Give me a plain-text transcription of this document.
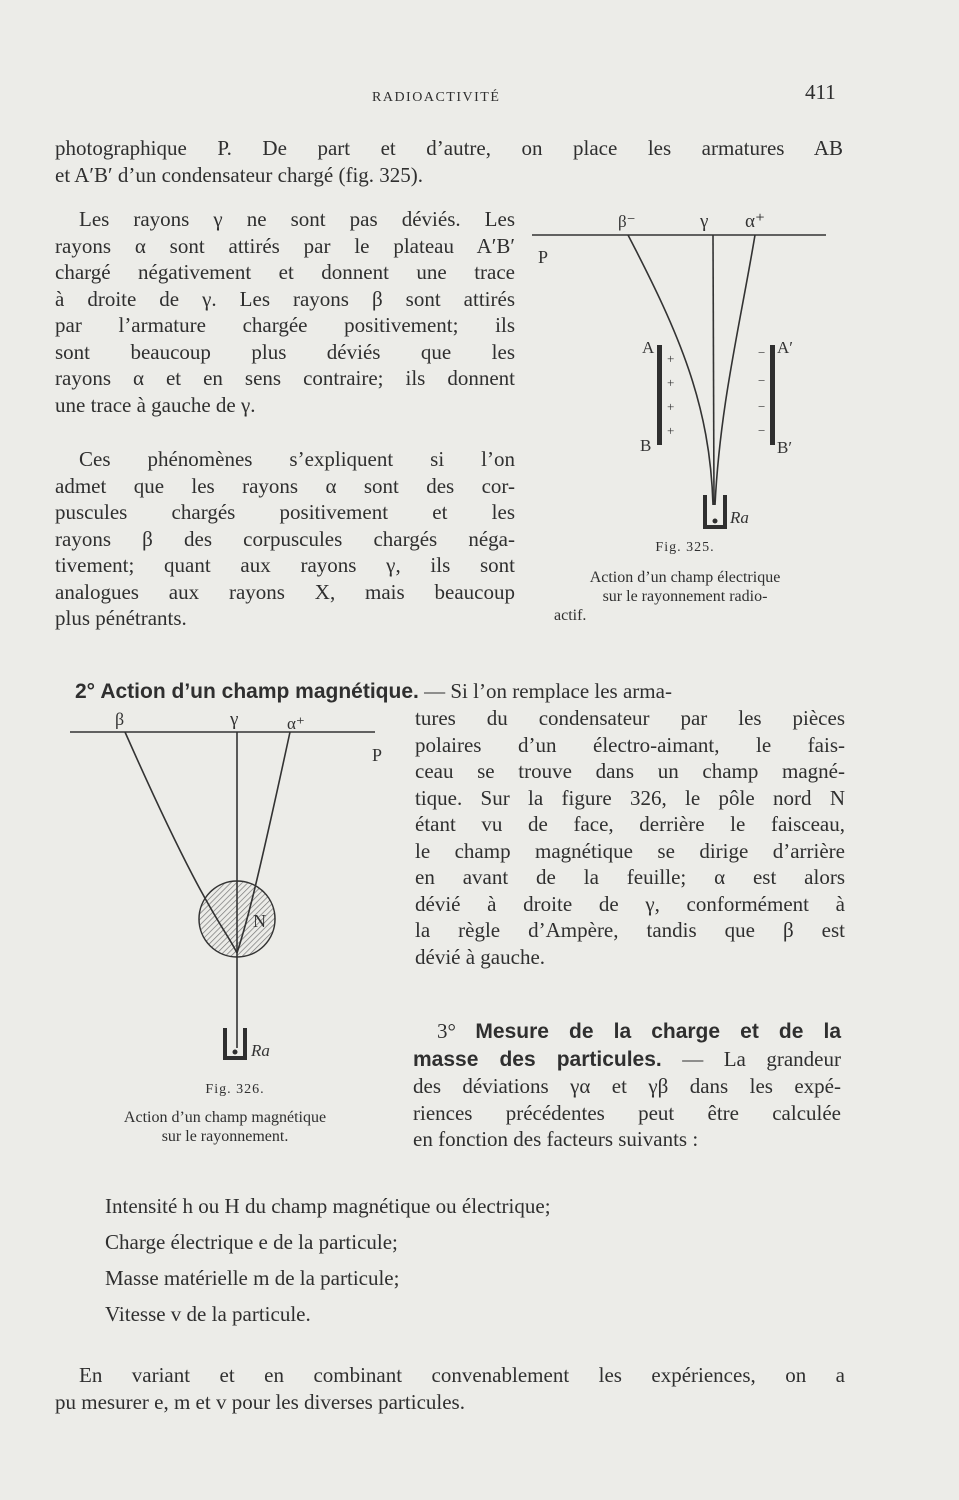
RADIOACTIVITÉ	411
photographique P. De part et d’autre, on place les armatures AB
et A′B′ d’un condensateur chargé (fig. 325).
Les rayons γ ne sont pas déviés. Les
rayons α sont attirés par le plateau A′B′
chargé négativement et donnent une trace
à droite de γ. Les rayons β sont attirés
par l’armature chargée positivement; ils
sont beaucoup plus déviés que les
rayons α et en sens contraire; ils donnent
une trace à gauche de γ.
Ces phénomènes s’expliquent si l’on
admet que les rayons α sont des cor-
puscules chargés positivement et les
rayons β des corpuscules chargés néga-
tivement; quant aux rayons γ, ils sont
analogues aux rayons X, mais beaucoup
plus pénétrants.
P
β⁻	γ α⁺
A
B
A′
B′
+
+
+
+
−
−
−
−
Ra
Fig. 325.
Action d’un champ électrique
sur le rayonnement radio-
actif.
2° Action d’un champ magnétique. — Si l’on remplace les arma-
tures du condensateur par les pièces
polaires d’un électro-aimant, le fais-
ceau se trouve dans un champ magné-
tique. Sur la figure 326, le pôle nord N
étant vu de face, derrière le faisceau,
le champ magnétique se dirige d’arrière
en avant de la feuille; α est alors
dévié à droite de γ, conformément à
la règle d’Ampère, tandis que β est
dévié à gauche.
β	γ	α⁺
P
N
Ra
Fig. 326.
Action d’un champ magnétique
sur le rayonnement.
3° Mesure de la charge et de la
masse des particules. — La grandeur
des déviations γα et γβ dans les expé-
riences précédentes peut être calculée
en fonction des facteurs suivants :
Intensité h ou H du champ magnétique ou électrique;
Charge électrique e de la particule;
Masse matérielle m de la particule;
Vitesse v de la particule.
En variant et en combinant convenablement les expériences, on a
pu mesurer e, m et v pour les diverses particules.
